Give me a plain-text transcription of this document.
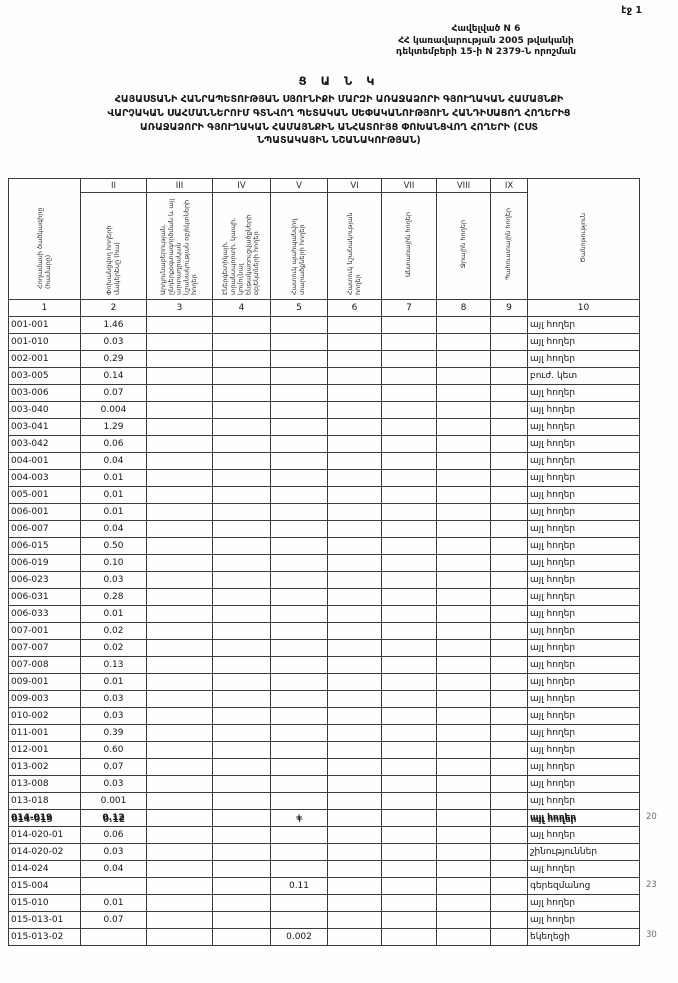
էջ 1
Հավելված N 6
ՀՀ կառավարության 2005 թվականի
դեկտեմբերի 15-ի N 2379-Ն որոշման
Ց Ա Ն Կ
ՀԱՅԱՍՏԱՆԻ ՀԱՆՐԱՊԵՏՈՒԹՅԱՆ ՍՅՈՒՆԻՔԻ ՄԱՐԶԻ ԱՌԱՋԱՁՈՐԻ ԳՅՈՒՂԱԿԱՆ ՀԱՄԱՅՆՔԻ
ՎԱՐՉԱԿԱՆ ՍԱՀՄԱՆՆԵՐՈՒՄ ԳՏՆՎՈՂ ՊԵՏԱԿԱՆ ՍԵՓԱԿԱՆՈՒԹՅՈՒՆ ՀԱՆԴԻՍԱՑՈՂ ՀՈՂԵՐԻՑ
ԱՌԱՋԱՁՈՐԻ ԳՅՈՒՂԱԿԱՆ ՀԱՄԱՅՆՔԻՆ ԱՆՀԱՏՈՒՅՑ ՓՈԽԱՆՑՎՈՂ ՀՈՂԵՐԻ (ԸՍՏ
ՆՊԱՏԱԿԱՅԻՆ ՆՇԱՆԱԿՈՒԹՅԱՆ)
Հողամասի ծածկագիրը (համարը)	II	III	IV	V	VI	VII	VIII	IX	Ծանոթություն
	Փոխանցվող հողերի մակերեսը (հա)	Արդյունաբերության, ընդերքօգտագործման և այլ արտադրական նշանակության օբյեկտների հողեր	Էներգետիկայի, տրանսպորտի, կապի, կոմունալ ենթակառուցվածքների օբյեկտների հողեր	Հատուկ պահպանվող տարածքների հողեր	Հատուկ նշանակության հողեր	Անտառային հողեր	Ջրային հողեր	Պահուստային հողեր	
1	2	3	4	5	6	7	8	9	10
001-001	1.46								այլ հողեր
001-010	0.03								այլ հողեր
002-001	0.29								այլ հողեր
003-005	0.14								բուժ. կետ
003-006	0.07								այլ հողեր
003-040	0.004								այլ հողեր
003-041	1.29								այլ հողեր
003-042	0.06								այլ հողեր
004-001	0.04								այլ հողեր
004-003	0.01								այլ հողեր
005-001	0.01								այլ հողեր
006-001	0.01								այլ հողեր
006-007	0.04								այլ հողեր
006-015	0.50								այլ հողեր
006-019	0.10								այլ հողեր
006-023	0.03								այլ հողեր
006-031	0.28								այլ հողեր
006-033	0.01								այլ հողեր
007-001	0.02								այլ հողեր
007-007	0.02								այլ հողեր
007-008	0.13								այլ հողեր
009-001	0.01								այլ հողեր
009-003	0.03								այլ հողեր
010-002	0.03								այլ հողեր
011-001	0.39								այլ հողեր
012-001	0.60								այլ հողեր
013-002	0.07								այլ հողեր
013-008	0.03								այլ հողեր
013-018	0.001								այլ հողեր
014-019	0.12			+					այլ հողեր
014-020-01	0.06								այլ հողեր
014-020-02	0.03								շինություններ
014-024	0.04								այլ հողեր
015-004				0.11					գերեզմանոց
015-010	0.01								այլ հողեր
015-013-01	0.07								այլ հողեր
015-013-02				0.002					եկեղեցի
20
23
30
